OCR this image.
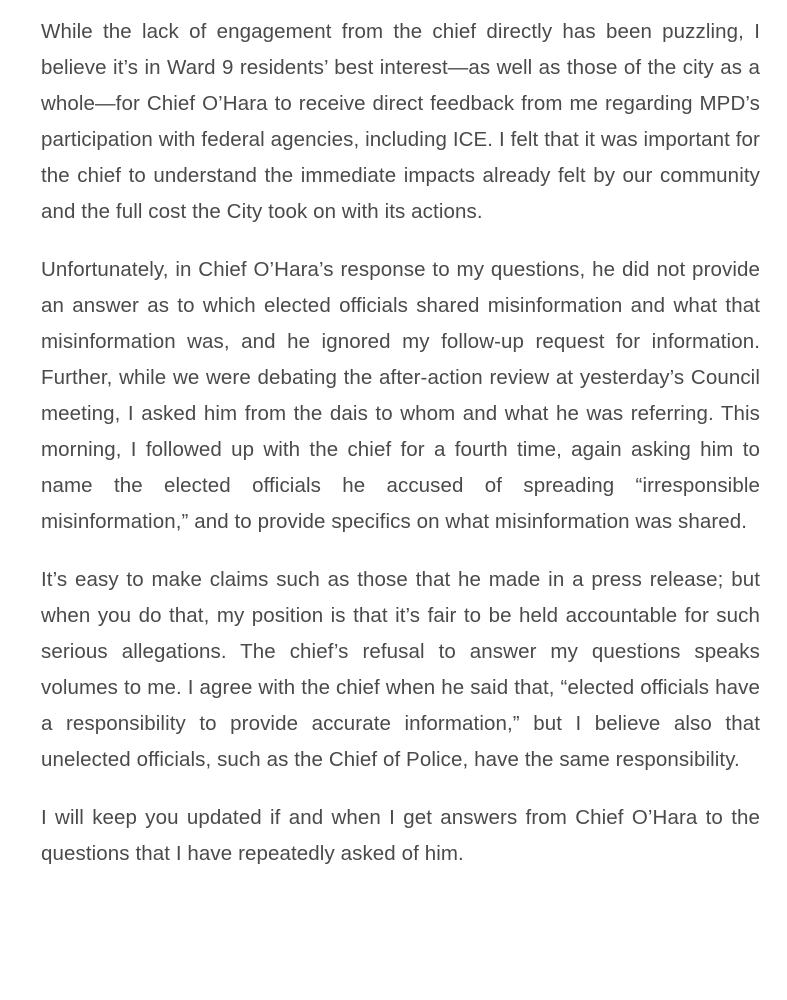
While the lack of engagement from the chief directly has been puzzling, I believe it’s in Ward 9 residents’ best interest—as well as those of the city as a whole—for Chief O’Hara to receive direct feedback from me regarding MPD’s participation with federal agencies, including ICE. I felt that it was important for the chief to understand the immediate impacts already felt by our community and the full cost the City took on with its actions.

Unfortunately, in Chief O’Hara’s response to my questions, he did not provide an answer as to which elected officials shared misinformation and what that misinformation was, and he ignored my follow-up request for information. Further, while we were debating the after-action review at yesterday’s Council meeting, I asked him from the dais to whom and what he was referring. This morning, I followed up with the chief for a fourth time, again asking him to name the elected officials he accused of spreading “irresponsible misinformation,” and to provide specifics on what misinformation was shared.

It’s easy to make claims such as those that he made in a press release; but when you do that, my position is that it’s fair to be held accountable for such serious allegations. The chief’s refusal to answer my questions speaks volumes to me. I agree with the chief when he said that, “elected officials have a responsibility to provide accurate information,” but I believe also that unelected officials, such as the Chief of Police, have the same responsibility.

I will keep you updated if and when I get answers from Chief O’Hara to the questions that I have repeatedly asked of him.
